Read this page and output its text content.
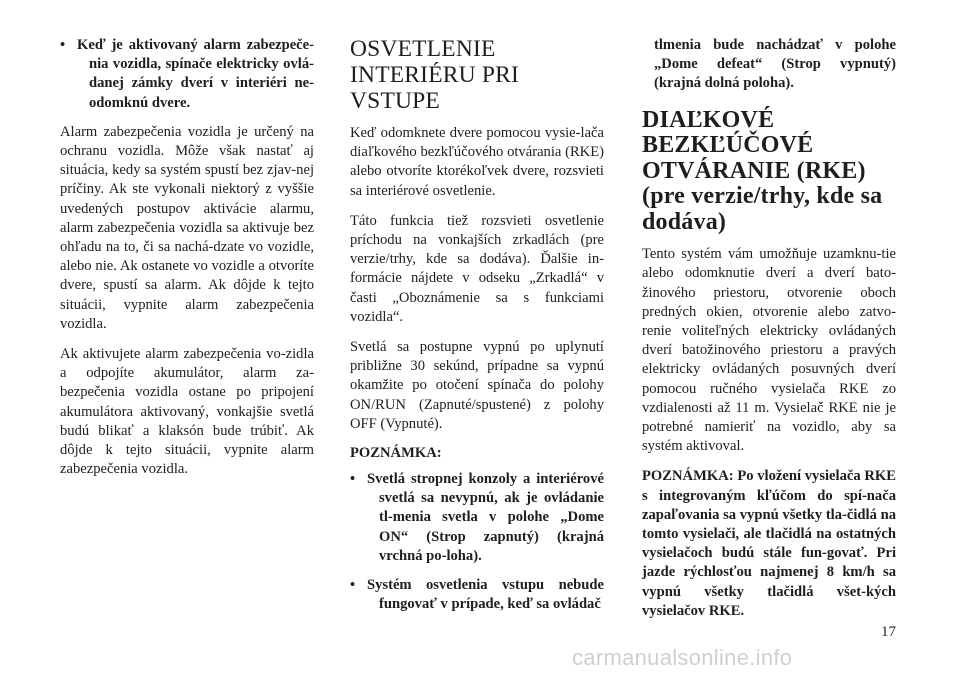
• Keď je aktivovaný alarm zabezpeče-nia vozidla, spínače elektricky ovlá-danej zámky dverí v interiéri ne-odomknú dvere.

Alarm zabezpečenia vozidla je určený na ochranu vozidla. Môže však nastať aj situácia, kedy sa systém spustí bez zjav-nej príčiny. Ak ste vykonali niektorý z vyššie uvedených postupov aktivácie alarmu, alarm zabezpečenia vozidla sa aktivuje bez ohľadu na to, či sa nachá-dzate vo vozidle, alebo nie. Ak ostanete vo vozidle a otvoríte dvere, spustí sa alarm. Ak dôjde k tejto situácii, vypnite alarm zabezpečenia vozidla.

Ak aktivujete alarm zabezpečenia vo-zidla a odpojíte akumulátor, alarm za-bezpečenia vozidla ostane po pripojení akumulátora aktivovaný, vonkajšie svetlá budú blikať a klaksón bude trúbiť. Ak dôjde k tejto situácii, vypnite alarm zabezpečenia vozidla.

OSVETLENIE INTERIÉRU PRI VSTUPE

Keď odomknete dvere pomocou vysie-lača diaľkového bezkľúčového otvárania (RKE) alebo otvoríte ktorékoľvek dvere, rozsvieti sa interiérové osvetlenie.

Táto funkcia tiež rozsvieti osvetlenie príchodu na vonkajších zrkadlách (pre verzie/trhy, kde sa dodáva). Ďalšie in-formácie nájdete v odseku „Zrkadlá“ v časti „Oboznámenie sa s funkciami vozidla“.

Svetlá sa postupne vypnú po uplynutí približne 30 sekúnd, prípadne sa vypnú okamžite po otočení spínača do polohy ON/RUN (Zapnuté/spustené) z polohy OFF (Vypnuté).

POZNÁMKA:
• Svetlá stropnej konzoly a interiérové svetlá sa nevypnú, ak je ovládanie tl-menia svetla v polohe „Dome ON“ (Strop zapnutý) (krajná vrchná po-loha).
• Systém osvetlenia vstupu nebude fungovať v prípade, keď sa ovládač
tlmenia bude nachádzať v polohe „Dome defeat“ (Strop vypnutý) (krajná dolná poloha).
DIAĽKOVÉ BEZKĽÚČOVÉ OTVÁRANIE (RKE) (pre verzie/trhy, kde sa dodáva)

Tento systém vám umožňuje uzamknu-tie alebo odomknutie dverí a dverí bato-žinového priestoru, otvorenie oboch predných okien, otvorenie alebo zatvo-renie voliteľných elektricky ovládaných dverí batožinového priestoru a pravých elektricky ovládaných posuvných dverí pomocou ručného vysielača RKE zo vzdialenosti až 11 m. Vysielač RKE nie je potrebné namieriť na vozidlo, aby sa systém aktivoval.

POZNÁMKA: Po vložení vysielača RKE s integrovaným kľúčom do spí-nača zapaľovania sa vypnú všetky tla-čidlá na tomto vysielači, ale tlačidlá na ostatných vysielačoch budú stále fun-govať. Pri jazde rýchlosťou najmenej 8 km/h sa vypnú všetky tlačidlá všet-kých vysielačov RKE.

17
carmanualsonline.info
